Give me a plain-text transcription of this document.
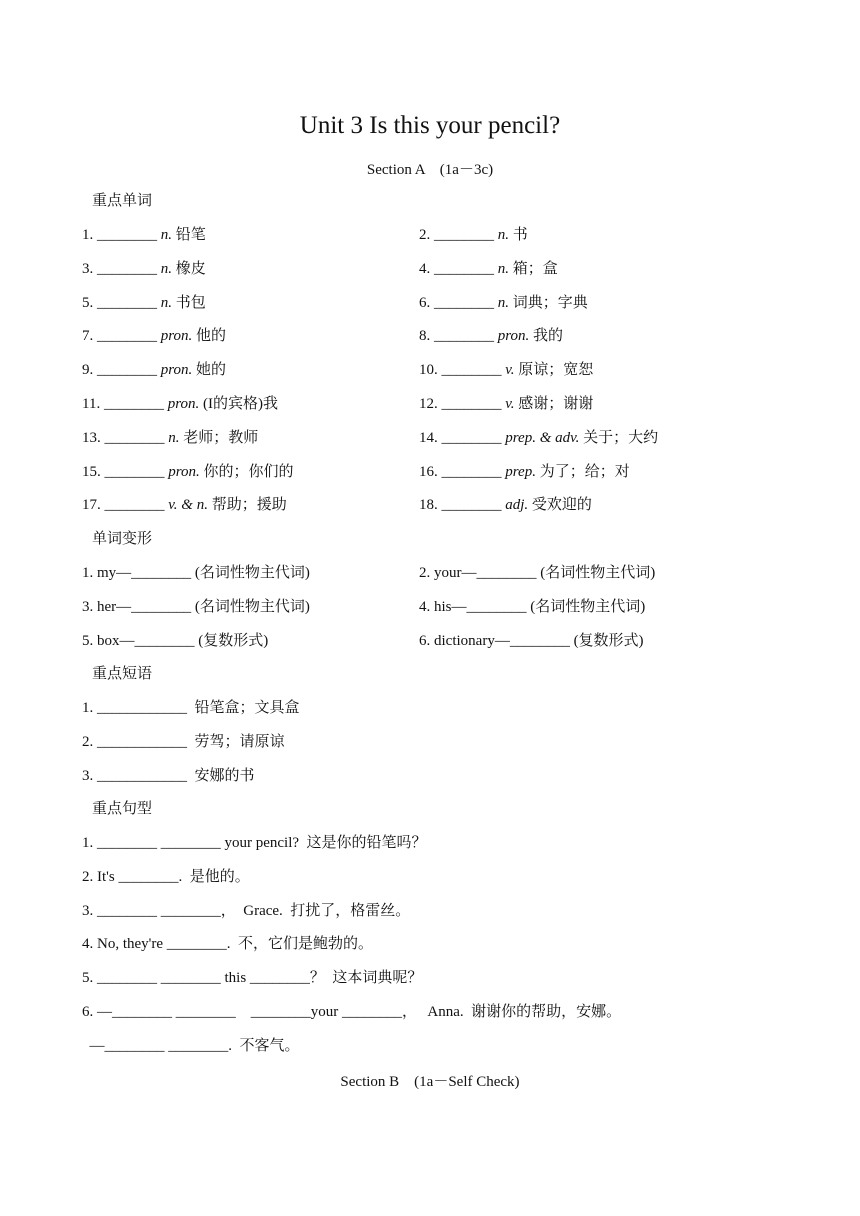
Unit 3 Is this your pencil?
Section A　(1a－3c)
重点单词
1. ________ n. 铅笔	2. ________ n. 书
3. ________ n. 橡皮	4. ________ n. 箱；盒
5. ________ n. 书包	6. ________ n. 词典；字典
7. ________ pron. 他的	8. ________ pron. 我的
9. ________ pron. 她的	10. ________ v. 原谅；宽恕
11. ________ pron. (I的宾格)我	12. ________ v. 感谢；谢谢
13. ________ n. 老师；教师	14. ________ prep. & adv. 关于；大约
15. ________ pron. 你的；你们的	16. ________ prep. 为了；给；对
17. ________ v. & n. 帮助；援助	18. ________ adj. 受欢迎的
单词变形
1. my—________ (名词性物主代词)	2. your—________ (名词性物主代词)
3. her—________ (名词性物主代词)	4. his—________ (名词性物主代词)
5. box—________ (复数形式)	6. dictionary—________ (复数形式)
重点短语
1. ____________  铅笔盒；文具盒
2. ____________  劳驾；请原谅
3. ____________  安娜的书
重点句型
1. ________ ________ your pencil?  这是你的铅笔吗？
2. It's ________.  是他的。
3. ________ ________，  Grace.  打扰了，格雷丝。
4. No, they're ________.  不，它们是鲍勃的。
5. ________ ________ this ________？  这本词典呢？
6. —________ ________    ________your ________，   Anna.  谢谢你的帮助，安娜。
—________ ________.  不客气。
Section B　(1a－Self Check)
